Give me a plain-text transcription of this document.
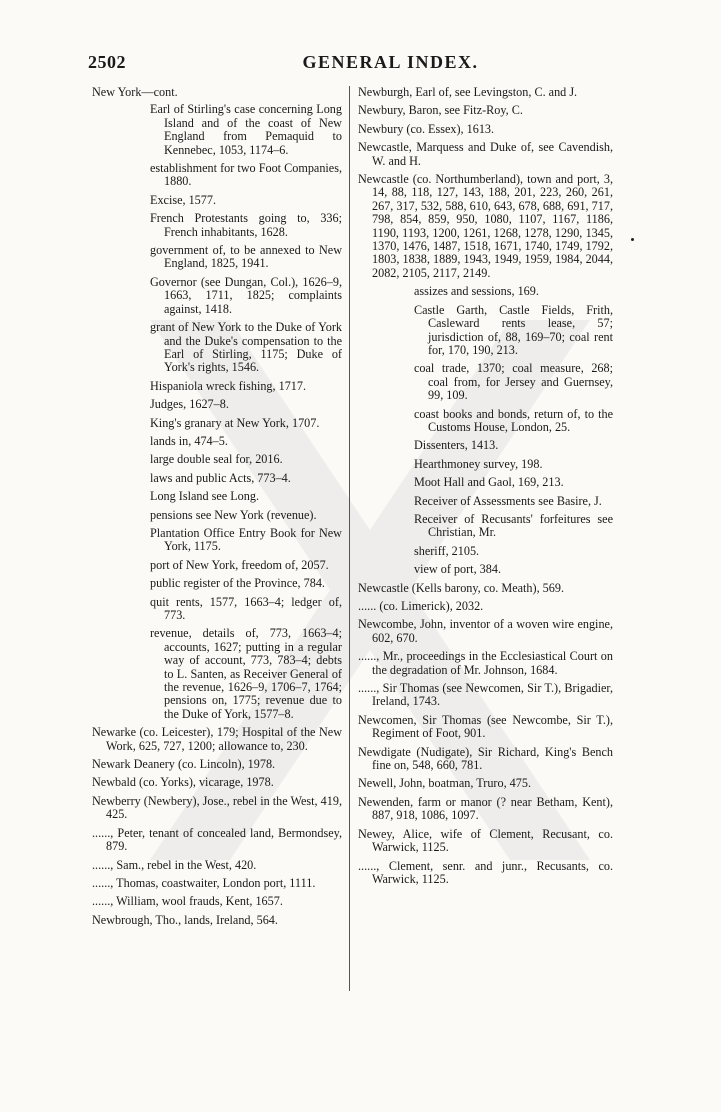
2502	GENERAL INDEX.

New York—cont.

Earl of Stirling's case concerning Long Island and of the coast of New England from Pemaquid to Kennebec, 1053, 1174–6.

establishment for two Foot Companies, 1880.

Excise, 1577.

French Protestants going to, 336; French inhabitants, 1628.

government of, to be annexed to New England, 1825, 1941.

Governor (see Dungan, Col.), 1626–9, 1663, 1711, 1825; complaints against, 1418.

grant of New York to the Duke of York and the Duke's compensation to the Earl of Stirling, 1175; Duke of York's rights, 1546.

Hispaniola wreck fishing, 1717.

Judges, 1627–8.

King's granary at New York, 1707.

lands in, 474–5.

large double seal for, 2016.

laws and public Acts, 773–4.

Long Island see Long.

pensions see New York (revenue).

Plantation Office Entry Book for New York, 1175.

port of New York, freedom of, 2057.

public register of the Province, 784.

quit rents, 1577, 1663–4; ledger of, 773.

revenue, details of, 773, 1663–4; accounts, 1627; putting in a regular way of account, 773, 783–4; debts to L. Santen, as Receiver General of the revenue, 1626–9, 1706–7, 1764; pensions on, 1775; revenue due to the Duke of York, 1577–8.

Newarke (co. Leicester), 179; Hospital of the New Work, 625, 727, 1200; allowance to, 230.

Newark Deanery (co. Lincoln), 1978.

Newbald (co. Yorks), vicarage, 1978.

Newberry (Newbery), Jose., rebel in the West, 419, 425.

......, Peter, tenant of concealed land, Bermondsey, 879.

......, Sam., rebel in the West, 420.

......, Thomas, coastwaiter, London port, 1111.

......, William, wool frauds, Kent, 1657.

Newbrough, Tho., lands, Ireland, 564.

Newburgh, Earl of, see Levingston, C. and J.

Newbury, Baron, see Fitz-Roy, C.

Newbury (co. Essex), 1613.

Newcastle, Marquess and Duke of, see Cavendish, W. and H.

Newcastle (co. Northumberland), town and port, 3, 14, 88, 118, 127, 143, 188, 201, 223, 260, 261, 267, 317, 532, 588, 610, 643, 678, 688, 691, 717, 798, 854, 859, 950, 1080, 1107, 1167, 1186, 1190, 1193, 1200, 1261, 1268, 1278, 1290, 1345, 1370, 1476, 1487, 1518, 1671, 1740, 1749, 1792, 1803, 1838, 1889, 1943, 1949, 1959, 1984, 2044, 2082, 2105, 2117, 2149.

assizes and sessions, 169.

Castle Garth, Castle Fields, Frith, Casleward rents lease, 57; jurisdiction of, 88, 169–70; coal rent for, 170, 190, 213.

coal trade, 1370; coal measure, 268; coal from, for Jersey and Guernsey, 99, 109.

coast books and bonds, return of, to the Customs House, London, 25.

Dissenters, 1413.

Hearthmoney survey, 198.

Moot Hall and Gaol, 169, 213.

Receiver of Assessments see Basire, J.

Receiver of Recusants' forfeitures see Christian, Mr.

sheriff, 2105.

view of port, 384.

Newcastle (Kells barony, co. Meath), 569.

...... (co. Limerick), 2032.

Newcombe, John, inventor of a woven wire engine, 602, 670.

......, Mr., proceedings in the Ecclesiastical Court on the degradation of Mr. Johnson, 1684.

......, Sir Thomas (see Newcomen, Sir T.), Brigadier, Ireland, 1743.

Newcomen, Sir Thomas (see Newcombe, Sir T.), Regiment of Foot, 901.

Newdigate (Nudigate), Sir Richard, King's Bench fine on, 548, 660, 781.

Newell, John, boatman, Truro, 475.

Newenden, farm or manor (? near Betham, Kent), 887, 918, 1086, 1097.

Newey, Alice, wife of Clement, Recusant, co. Warwick, 1125.

......, Clement, senr. and junr., Recusants, co. Warwick, 1125.
